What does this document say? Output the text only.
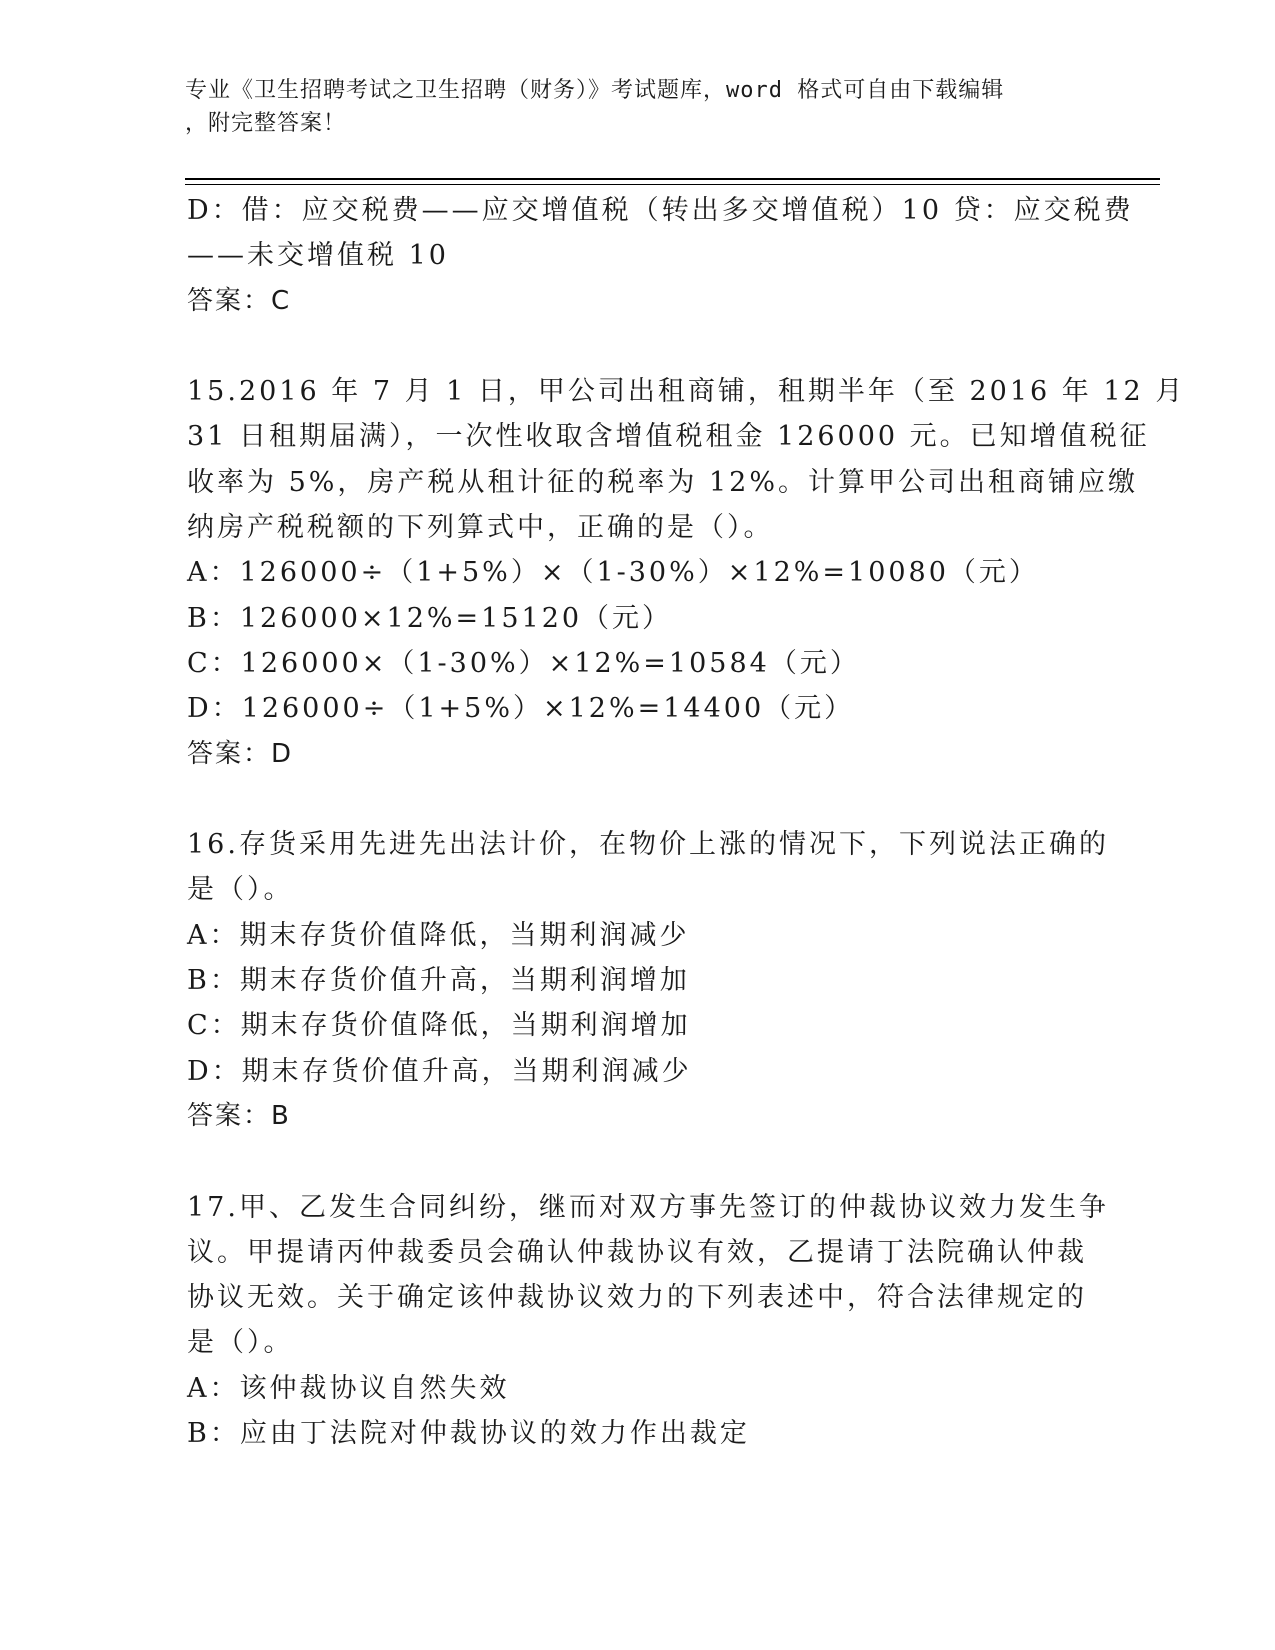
专业《卫生招聘考试之卫生招聘（财务）》考试题库，word 格式可自由下载编辑
，附完整答案！
D：借：应交税费——应交增值税（转出多交增值税）10 贷：应交税费
——未交增值税 10
答案：C
15.2016 年 7 月 1 日，甲公司出租商铺，租期半年（至 2016 年 12 月
31 日租期届满），一次性收取含增值税租金 126000 元。已知增值税征
收率为 5%，房产税从租计征的税率为 12%。计算甲公司出租商铺应缴
纳房产税税额的下列算式中，正确的是（）。
A：126000÷（1+5%）×（1-30%）×12%=10080（元）
B：126000×12%=15120（元）
C：126000×（1-30%）×12%=10584（元）
D：126000÷（1+5%）×12%=14400（元）
答案：D
16.存货采用先进先出法计价，在物价上涨的情况下，下列说法正确的
是（）。
A：期末存货价值降低，当期利润减少
B：期末存货价值升高，当期利润增加
C：期末存货价值降低，当期利润增加
D：期末存货价值升高，当期利润减少
答案：B
17.甲、乙发生合同纠纷，继而对双方事先签订的仲裁协议效力发生争
议。甲提请丙仲裁委员会确认仲裁协议有效，乙提请丁法院确认仲裁
协议无效。关于确定该仲裁协议效力的下列表述中，符合法律规定的
是（）。
A：该仲裁协议自然失效
B：应由丁法院对仲裁协议的效力作出裁定
